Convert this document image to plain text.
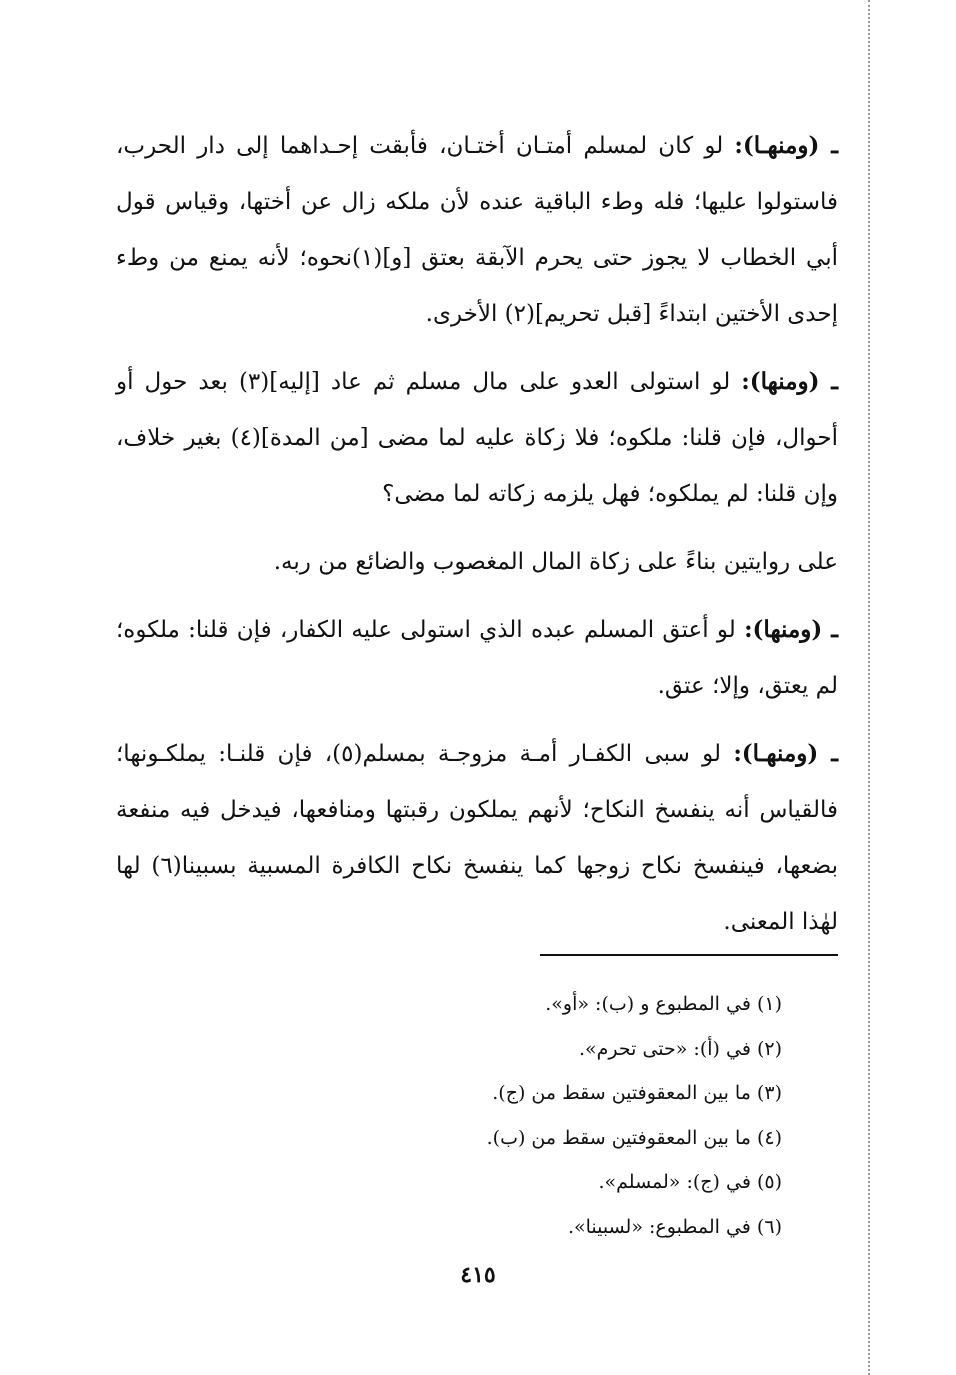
ـ (ومنهـا): لو كان لمسلم أمتـان أختـان، فأبقت إحـداهما إلى دار الحرب، فاستولوا عليها؛ فله وطء الباقية عنده لأن ملكه زال عن أختها، وقياس قول أبي الخطاب لا يجوز حتى يحرم الآبقة بعتق [و](١)نحوه؛ لأنه يمنع من وطء إحدى الأختين ابتداءً [قبل تحريم](٢) الأخرى.

ـ (ومنها): لو استولى العدو على مال مسلم ثم عاد [إليه](٣) بعد حول أو أحوال، فإن قلنا: ملكوه؛ فلا زكاة عليه لما مضى [من المدة](٤) بغير خلاف، وإن قلنا: لم يملكوه؛ فهل يلزمه زكاته لما مضى؟

على روايتين بناءً على زكاة المال المغصوب والضائع من ربه.

ـ (ومنها): لو أعتق المسلم عبده الذي استولى عليه الكفار، فإن قلنا: ملكوه؛ لم يعتق، وإلا؛ عتق.

ـ (ومنهـا): لو سبى الكفـار أمـة مزوجـة بمسلم(٥)، فإن قلنـا: يملكـونها؛ فالقياس أنه ينفسخ النكاح؛ لأنهم يملكون رقبتها ومنافعها، فيدخل فيه منفعة بضعها، فينفسخ نكاح زوجها كما ينفسخ نكاح الكافرة المسبية بسبينا(٦) لها لهٰذا المعنى.

(١) في المطبوع و (ب): «أو».
(٢) في (أ): «حتى تحرم».
(٣) ما بين المعقوفتين سقط من (ج).
(٤) ما بين المعقوفتين سقط من (ب).
(٥) في (ج): «لمسلم».
(٦) في المطبوع: «لسبينا».
٤١٥
